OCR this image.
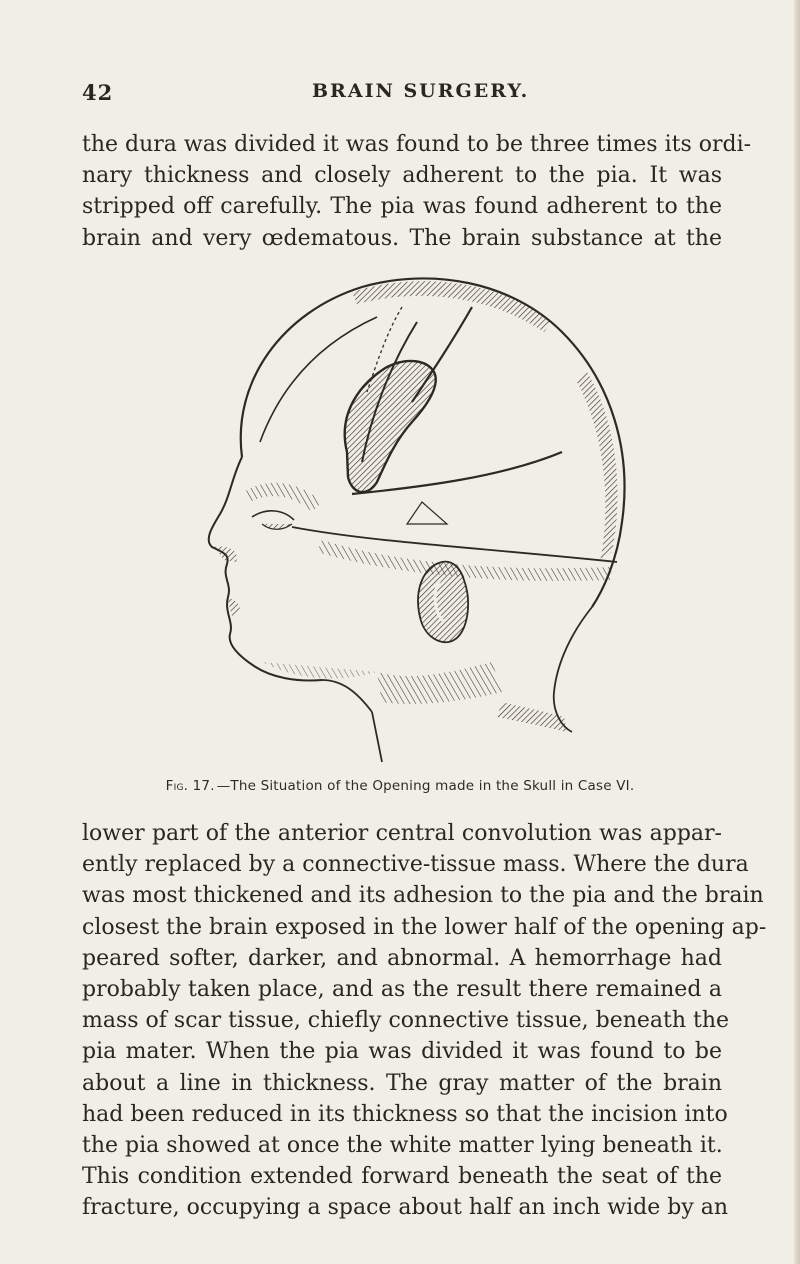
42	BRAIN SURGERY.

the dura was divided it was found to be three times its ordi-
nary thickness and closely adherent to the pia. It was
stripped off carefully. The pia was found adherent to the
brain and very œdematous. The brain substance at the

Fig. 17. —The Situation of the Opening made in the Skull in Case VI.

lower part of the anterior central convolution was appar-
ently replaced by a connective-tissue mass. Where the dura
was most thickened and its adhesion to the pia and the brain
closest the brain exposed in the lower half of the opening ap-
peared softer, darker, and abnormal. A hemorrhage had
probably taken place, and as the result there remained a
mass of scar tissue, chiefly connective tissue, beneath the
pia mater. When the pia was divided it was found to be
about a line in thickness. The gray matter of the brain
had been reduced in its thickness so that the incision into
the pia showed at once the white matter lying beneath it.
This condition extended forward beneath the seat of the
fracture, occupying a space about half an inch wide by an
